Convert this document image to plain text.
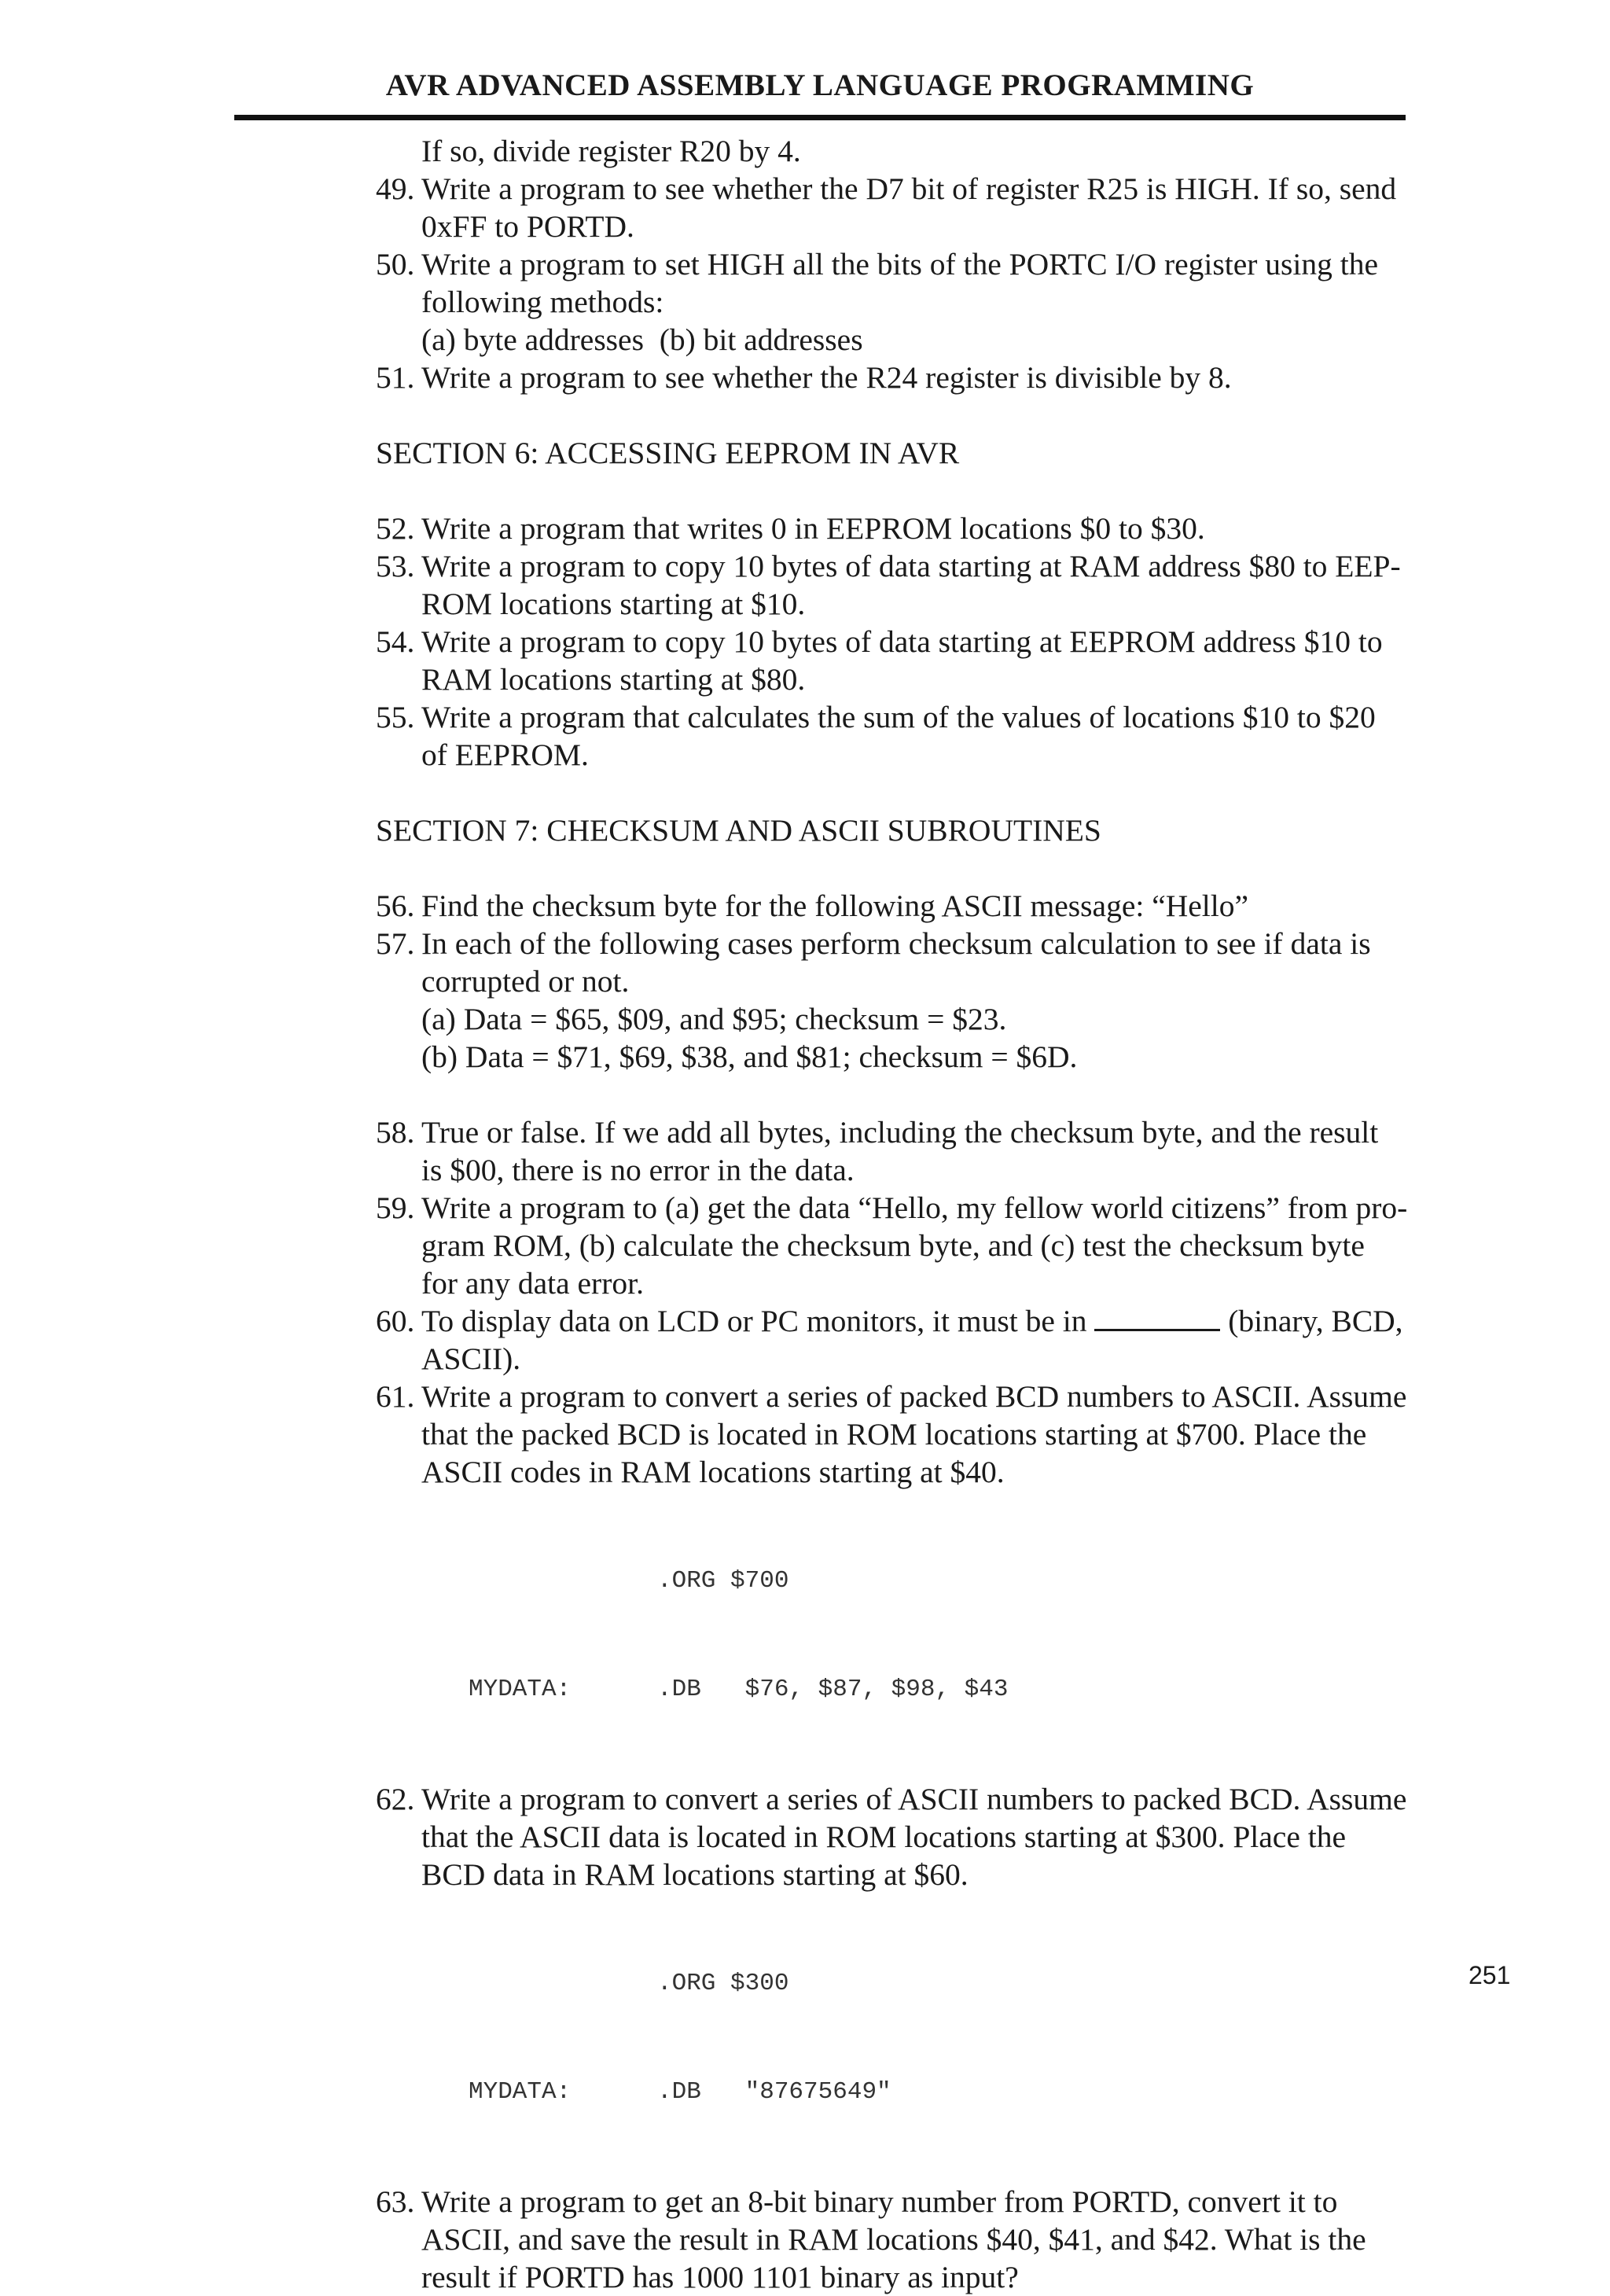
AVR ADVANCED ASSEMBLY LANGUAGE PROGRAMMING
If so, divide register R20 by 4.
49. Write a program to see whether the D7 bit of register R25 is HIGH. If so, send
0xFF to PORTD.
50. Write a program to set HIGH all the bits of the PORTC I/O register using the
following methods:
(a) byte addresses  (b) bit addresses
51. Write a program to see whether the R24 register is divisible by 8.
SECTION 6: ACCESSING EEPROM IN AVR
52. Write a program that writes 0 in EEPROM locations $0 to $30.
53. Write a program to copy 10 bytes of data starting at RAM address $80 to EEP-
ROM locations starting at $10.
54. Write a program to copy 10 bytes of data starting at EEPROM address $10 to
RAM locations starting at $80.
55. Write a program that calculates the sum of the values of locations $10 to $20
of EEPROM.
SECTION 7: CHECKSUM AND ASCII SUBROUTINES
56. Find the checksum byte for the following ASCII message: “Hello”
57. In each of the following cases perform checksum calculation to see if data is
corrupted or not.
(a) Data = $65, $09, and $95; checksum = $23.
(b) Data = $71, $69, $38, and $81; checksum = $6D.
58. True or false. If we add all bytes, including the checksum byte, and the result
is $00, there is no error in the data.
59. Write a program to (a) get the data “Hello, my fellow world citizens” from pro-
gram ROM, (b) calculate the checksum byte, and (c) test the checksum byte
for any data error.
60. To display data on LCD or PC monitors, it must be in	(binary, BCD,
ASCII).
61. Write a program to convert a series of packed BCD numbers to ASCII. Assume
that the packed BCD is located in ROM locations starting at $700. Place the
ASCII codes in RAM locations starting at $40.

.ORG $700

MYDATA:	.DB   $76, $87, $98, $43

62. Write a program to convert a series of ASCII numbers to packed BCD. Assume
that the ASCII data is located in ROM locations starting at $300. Place the
BCD data in RAM locations starting at $60.

.ORG $300

MYDATA:	.DB   "87675649"

63. Write a program to get an 8-bit binary number from PORTD, convert it to
ASCII, and save the result in RAM locations $40, $41, and $42. What is the
result if PORTD has 1000 1101 binary as input?
251
